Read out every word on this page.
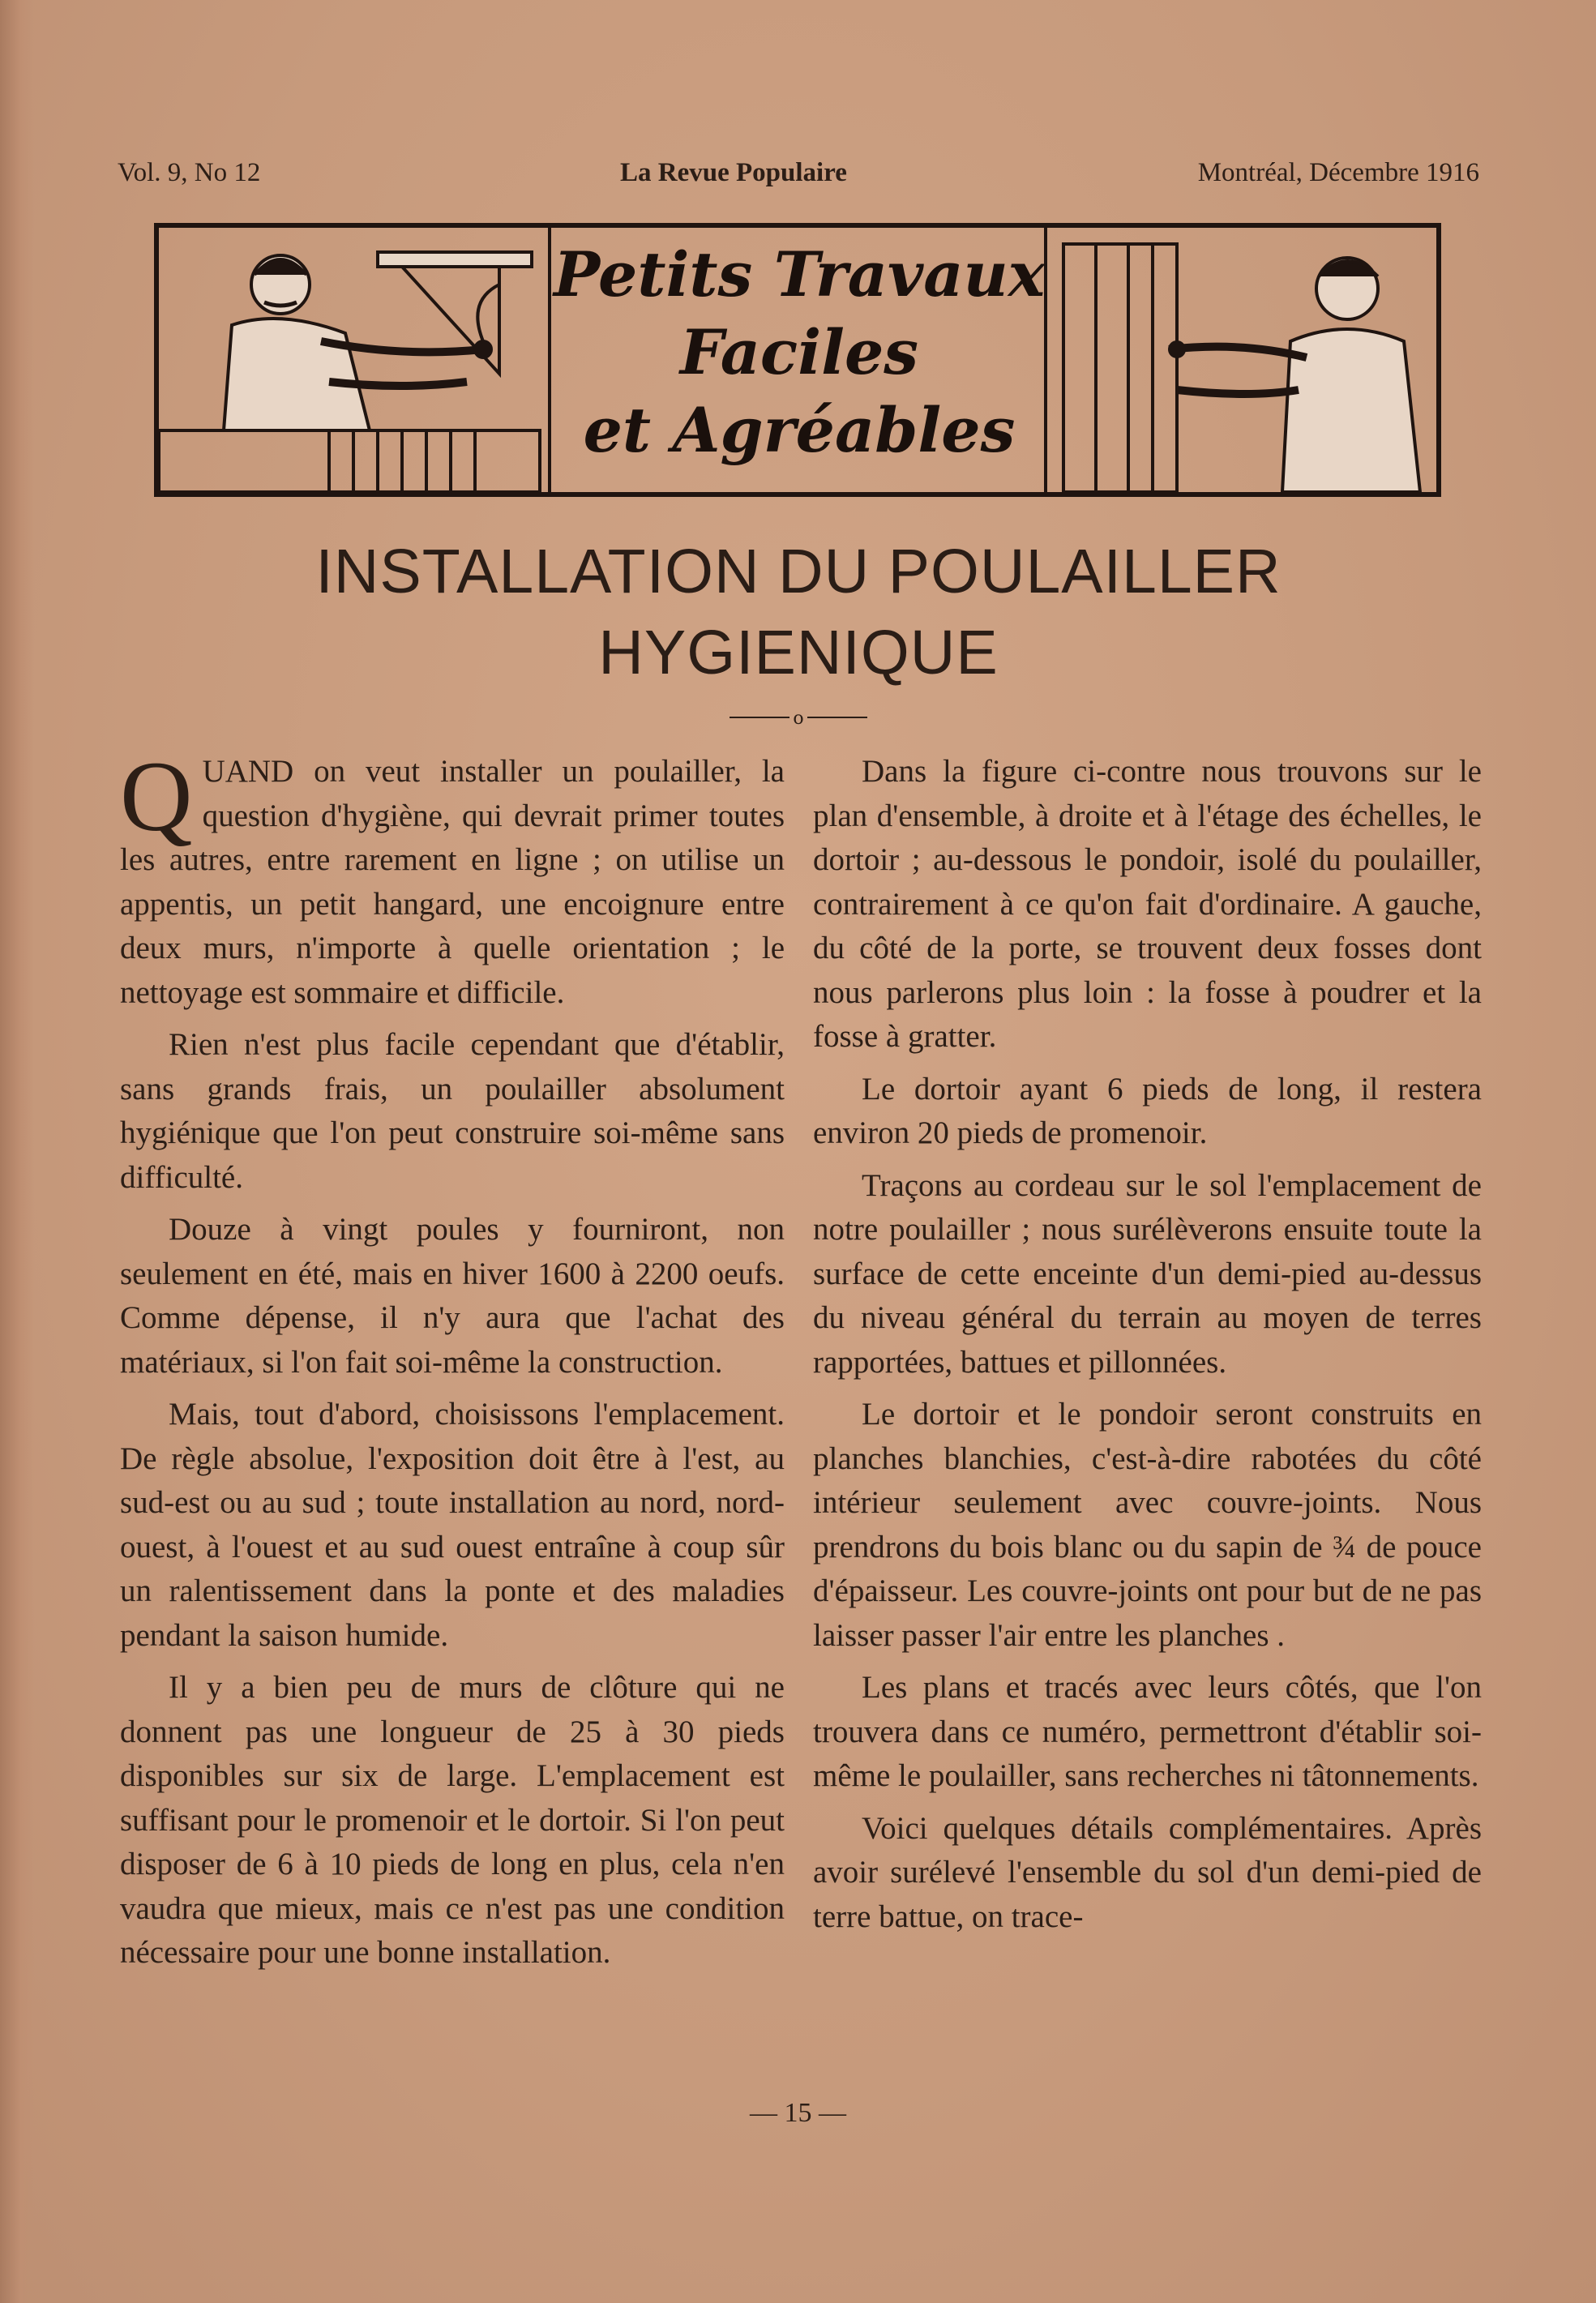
Vol. 9, No 12	La Revue Populaire	Montréal, Décembre 1916
Petits Travaux
Faciles
et Agréables
INSTALLATION DU POULAILLER
HYGIENIQUE
o

Q UAND on veut installer un poulailler, la question d'hygiène, qui devrait primer toutes les autres, entre rarement en ligne ; on utilise un appentis, un petit hangard, une encoignure entre deux murs, n'importe à quelle orientation ; le nettoyage est sommaire et difficile.

Rien n'est plus facile cependant que d'établir, sans grands frais, un poulailler absolument hygiénique que l'on peut construire soi-même sans difficulté.

Douze à vingt poules y fourniront, non seulement en été, mais en hiver 1600 à 2200 oeufs. Comme dépense, il n'y aura que l'achat des matériaux, si l'on fait soi-même la construction.

Mais, tout d'abord, choisissons l'emplacement. De règle absolue, l'exposition doit être à l'est, au sud-est ou au sud ; toute installation au nord, nord-ouest, à l'ouest et au sud ouest entraîne à coup sûr un ralentissement dans la ponte et des maladies pendant la saison humide.

Il y a bien peu de murs de clôture qui ne donnent pas une longueur de 25 à 30 pieds disponibles sur six de large. L'emplacement est suffisant pour le promenoir et le dortoir. Si l'on peut disposer de 6 à 10 pieds de long en plus, cela n'en vaudra que mieux, mais ce n'est pas une condition nécessaire pour une bonne installation.

Dans la figure ci-contre nous trouvons sur le plan d'ensemble, à droite et à l'étage des échelles, le dortoir ; au-dessous le pondoir, isolé du poulailler, contrairement à ce qu'on fait d'ordinaire. A gauche, du côté de la porte, se trouvent deux fosses dont nous parlerons plus loin : la fosse à poudrer et la fosse à gratter.

Le dortoir ayant 6 pieds de long, il restera environ 20 pieds de promenoir.

Traçons au cordeau sur le sol l'emplacement de notre poulailler ; nous surélèverons ensuite toute la surface de cette enceinte d'un demi-pied au-dessus du niveau général du terrain au moyen de terres rapportées, battues et pillonnées.

Le dortoir et le pondoir seront construits en planches blanchies, c'est-à-dire rabotées du côté intérieur seulement avec couvre-joints. Nous prendrons du bois blanc ou du sapin de ¾ de pouce d'épaisseur. Les couvre-joints ont pour but de ne pas laisser passer l'air entre les planches .

Les plans et tracés avec leurs côtés, que l'on trouvera dans ce numéro, permettront d'établir soi-même le poulailler, sans recherches ni tâtonnements.

Voici quelques détails complémentaires. Après avoir surélevé l'ensemble du sol d'un demi-pied de terre battue, on trace-

— 15 —
